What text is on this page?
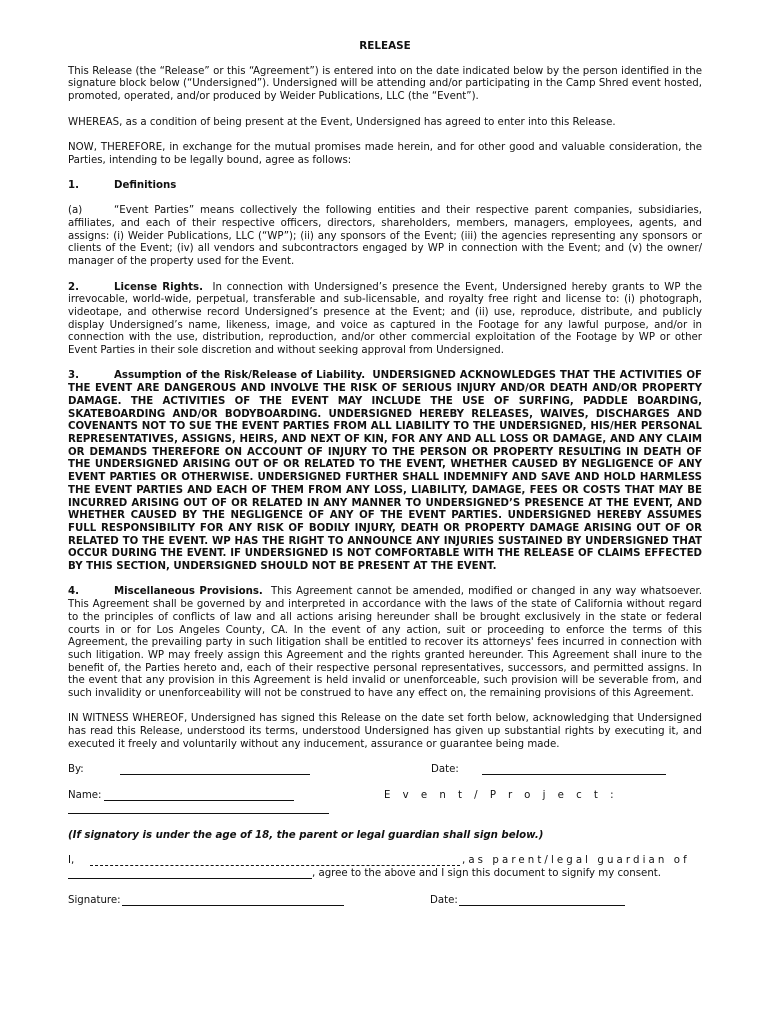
RELEASE

This Release (the “Release” or this “Agreement”) is entered into on the date indicated below by the person identified in the signature block below (“Undersigned”). Undersigned will be attending and/or participating in the Camp Shred event hosted, promoted, operated, and/or produced by Weider Publications, LLC (the “Event”).

WHEREAS, as a condition of being present at the Event, Undersigned has agreed to enter into this Release.

NOW, THEREFORE, in exchange for the mutual promises made herein, and for other good and valuable consideration, the Parties, intending to be legally bound, agree as follows:

1.	Definitions

(a)	“Event Parties” means collectively the following entities and their respective parent companies, subsidiaries, affiliates, and each of their respective officers, directors, shareholders, members, managers, employees, agents, and assigns: (i) Weider Publications, LLC (“WP”); (ii) any sponsors of the Event; (iii) the agencies representing any sponsors or clients of the Event; (iv) all vendors and subcontractors engaged by WP in connection with the Event; and (v) the owner/ manager of the property used for the Event.

2.	License Rights. In connection with Undersigned’s presence the Event, Undersigned hereby grants to WP the irrevocable, world-wide, perpetual, transferable and sub-licensable, and royalty free right and license to: (i) photograph, videotape, and otherwise record Undersigned’s presence at the Event; and (ii) use, reproduce, distribute, and publicly display Undersigned’s name, likeness, image, and voice as captured in the Footage for any lawful purpose, and/or in connection with the use, distribution, reproduction, and/or other commercial exploitation of the Footage by WP or other Event Parties in their sole discretion and without seeking approval from Undersigned.

3.	Assumption of the Risk/Release of Liability. UNDERSIGNED ACKNOWLEDGES THAT THE ACTIVITIES OF THE EVENT ARE DANGEROUS AND INVOLVE THE RISK OF SERIOUS INJURY AND/OR DEATH AND/OR PROPERTY DAMAGE. THE ACTIVITIES OF THE EVENT MAY INCLUDE THE USE OF SURFING, PADDLE BOARDING, SKATEBOARDING AND/OR BODYBOARDING. UNDERSIGNED HEREBY RELEASES, WAIVES, DISCHARGES AND COVENANTS NOT TO SUE THE EVENT PARTIES FROM ALL LIABILITY TO THE UNDERSIGNED, HIS/HER PERSONAL REPRESENTATIVES, ASSIGNS, HEIRS, AND NEXT OF KIN, FOR ANY AND ALL LOSS OR DAMAGE, AND ANY CLAIM OR DEMANDS THEREFORE ON ACCOUNT OF INJURY TO THE PERSON OR PROPERTY RESULTING IN DEATH OF THE UNDERSIGNED ARISING OUT OF OR RELATED TO THE EVENT, WHETHER CAUSED BY NEGLIGENCE OF ANY EVENT PARTIES OR OTHERWISE. UNDERSIGNED FURTHER SHALL INDEMNIFY AND SAVE AND HOLD HARMLESS THE EVENT PARTIES AND EACH OF THEM FROM ANY LOSS, LIABILITY, DAMAGE, FEES OR COSTS THAT MAY BE INCURRED ARISING OUT OF OR RELATED IN ANY MANNER TO UNDERSIGNED’S PRESENCE AT THE EVENT, AND WHETHER CAUSED BY THE NEGLIGENCE OF ANY OF THE EVENT PARTIES. UNDERSIGNED HEREBY ASSUMES FULL RESPONSIBILITY FOR ANY RISK OF BODILY INJURY, DEATH OR PROPERTY DAMAGE ARISING OUT OF OR RELATED TO THE EVENT. WP HAS THE RIGHT TO ANNOUNCE ANY INJURIES SUSTAINED BY UNDERSIGNED THAT OCCUR DURING THE EVENT. IF UNDERSIGNED IS NOT COMFORTABLE WITH THE RELEASE OF CLAIMS EFFECTED BY THIS SECTION, UNDERSIGNED SHOULD NOT BE PRESENT AT THE EVENT.

4.	Miscellaneous Provisions. This Agreement cannot be amended, modified or changed in any way whatsoever. This Agreement shall be governed by and interpreted in accordance with the laws of the state of California without regard to the principles of conflicts of law and all actions arising hereunder shall be brought exclusively in the state or federal courts in or for Los Angeles County, CA. In the event of any action, suit or proceeding to enforce the terms of this Agreement, the prevailing party in such litigation shall be entitled to recover its attorneys' fees incurred in connection with such litigation. WP may freely assign this Agreement and the rights granted hereunder. This Agreement shall inure to the benefit of, the Parties hereto and, each of their respective personal representatives, successors, and permitted assigns. In the event that any provision in this Agreement is held invalid or unenforceable, such provision will be severable from, and such invalidity or unenforceability will not be construed to have any effect on, the remaining provisions of this Agreement.

IN WITNESS WHEREOF, Undersigned has signed this Release on the date set forth below, acknowledging that Undersigned has read this Release, understood its terms, understood Undersigned has given up substantial rights by executing it, and executed it freely and voluntarily without any inducement, assurance or guarantee being made.

By:	Date:
Name:	Event/Project:
(If signatory is under the age of 18, the parent or legal guardian shall sign below.)
I,	,as parent/legal guardian of
, agree to the above and I sign this document to signify my consent.
Signature:	Date:
